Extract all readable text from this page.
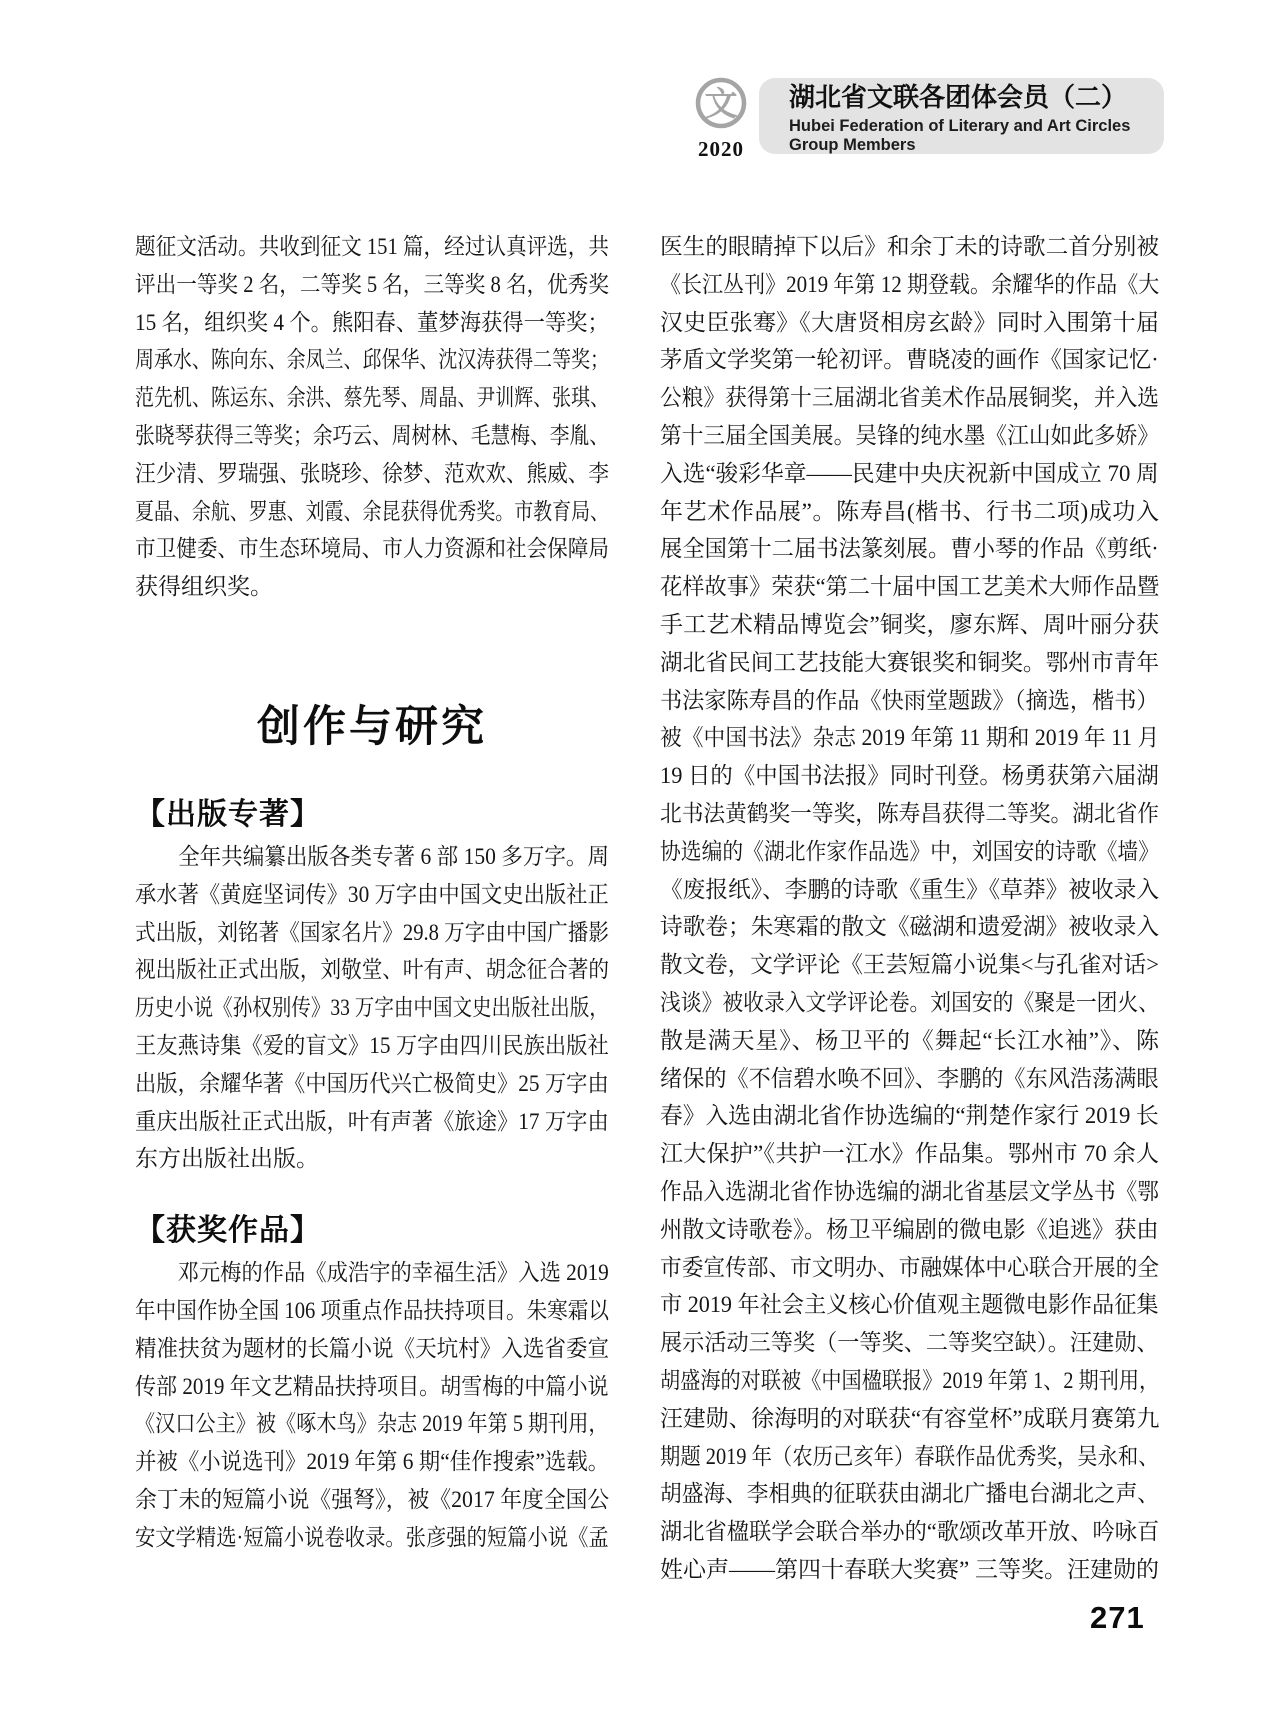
文
2020
湖北省文联各团体会员（二）
Hubei Federation of Literary and Art Circles Group Members
题征文活动。共收到征文 151 篇，经过认真评选，共
评出一等奖 2 名，二等奖 5 名，三等奖 8 名，优秀奖
15 名，组织奖 4 个。熊阳春、董梦海获得一等奖；
周承水、陈向东、余凤兰、邱保华、沈汉涛获得二等奖；
范先机、陈运东、余洪、蔡先琴、周晶、尹训辉、张琪、
张晓琴获得三等奖；余巧云、周树林、毛慧梅、李胤、
汪少清、罗瑞强、张晓珍、徐梦、范欢欢、熊威、李
夏晶、余航、罗惠、刘霞、余昆获得优秀奖。市教育局、
市卫健委、市生态环境局、市人力资源和社会保障局
获得组织奖。
创作与研究
【出版专著】
全年共编纂出版各类专著 6 部 150 多万字。周
承水著《黄庭坚词传》30 万字由中国文史出版社正
式出版，刘铭著《国家名片》29.8 万字由中国广播影
视出版社正式出版，刘敬堂、叶有声、胡念征合著的
历史小说《孙权别传》33 万字由中国文史出版社出版，
王友燕诗集《爱的盲文》15 万字由四川民族出版社
出版，余耀华著《中国历代兴亡极简史》25 万字由
重庆出版社正式出版，叶有声著《旅途》17 万字由
东方出版社出版。
【获奖作品】
邓元梅的作品《成浩宇的幸福生活》入选 2019
年中国作协全国 106 项重点作品扶持项目。朱寒霜以
精准扶贫为题材的长篇小说《天坑村》入选省委宣
传部 2019 年文艺精品扶持项目。胡雪梅的中篇小说
《汉口公主》被《啄木鸟》杂志 2019 年第 5 期刊用，
并被《小说选刊》2019 年第 6 期“佳作搜索”选载。
余丁未的短篇小说《强弩》，被《2017 年度全国公
安文学精选·短篇小说卷收录。张彦强的短篇小说《孟
医生的眼睛掉下以后》和余丁未的诗歌二首分别被
《长江丛刊》2019 年第 12 期登载。余耀华的作品《大
汉史臣张骞》《大唐贤相房玄龄》同时入围第十届
茅盾文学奖第一轮初评。曹晓凌的画作《国家记忆·
公粮》获得第十三届湖北省美术作品展铜奖，并入选
第十三届全国美展。吴锋的纯水墨《江山如此多娇》
入选“骏彩华章——民建中央庆祝新中国成立 70 周
年艺术作品展”。陈寿昌(楷书、行书二项)成功入
展全国第十二届书法篆刻展。曹小琴的作品《剪纸·
花样故事》荣获“第二十届中国工艺美术大师作品暨
手工艺术精品博览会”铜奖，廖东辉、周叶丽分获
湖北省民间工艺技能大赛银奖和铜奖。鄂州市青年
书法家陈寿昌的作品《快雨堂题跋》（摘选，楷书）
被《中国书法》杂志 2019 年第 11 期和 2019 年 11 月
19 日的《中国书法报》同时刊登。杨勇获第六届湖
北书法黄鹤奖一等奖，陈寿昌获得二等奖。湖北省作
协选编的《湖北作家作品选》中，刘国安的诗歌《墙》
《废报纸》、李鹏的诗歌《重生》《草莽》被收录入
诗歌卷；朱寒霜的散文《磁湖和遗爱湖》被收录入
散文卷，文学评论《王芸短篇小说集<与孔雀对话>
浅谈》被收录入文学评论卷。刘国安的《聚是一团火、
散是满天星》、杨卫平的《舞起“长江水袖”》、陈
绪保的《不信碧水唤不回》、李鹏的《东风浩荡满眼
春》入选由湖北省作协选编的“荆楚作家行 2019 长
江大保护”《共护一江水》作品集。鄂州市 70 余人
作品入选湖北省作协选编的湖北省基层文学丛书《鄂
州散文诗歌卷》。杨卫平编剧的微电影《追逃》获由
市委宣传部、市文明办、市融媒体中心联合开展的全
市 2019 年社会主义核心价值观主题微电影作品征集
展示活动三等奖（一等奖、二等奖空缺）。汪建勋、
胡盛海的对联被《中国楹联报》2019 年第 1、2 期刊用，
汪建勋、徐海明的对联获“有容堂杯”成联月赛第九
期题 2019 年（农历己亥年）春联作品优秀奖，吴永和、
胡盛海、李相典的征联获由湖北广播电台湖北之声、
湖北省楹联学会联合举办的“歌颂改革开放、吟咏百
姓心声——第四十春联大奖赛” 三等奖。汪建勋的
271
